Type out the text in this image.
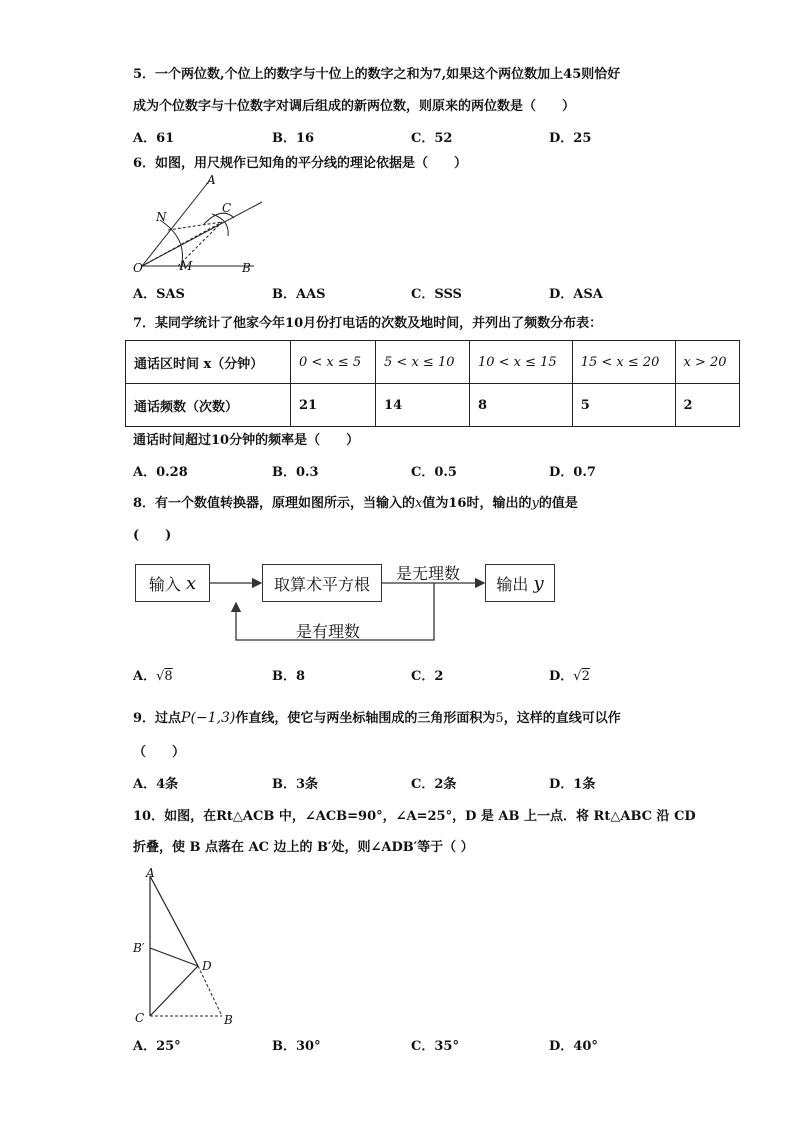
5．一个两位数,个位上的数字与十位上的数字之和为7,如果这个两位数加上45则恰好
成为个位数字与十位数字对调后组成的新两位数，则原来的两位数是（　　）
A．61	B．16	C．52	D．25
6．如图，用尺规作已知角的平分线的理论依据是（　　）
A
N
C
O	M	B
A．SAS	B．AAS	C．SSS	D．ASA
7．某同学统计了他家今年10月份打电话的次数及地时间，并列出了频数分布表：
通话区时间 x（分钟）	0 < x ≤ 5	5 < x ≤ 10	10 < x ≤ 15	15 < x ≤ 20	x > 20
通话频数（次数）	21	14	8	5	2
通话时间超过10分钟的频率是（　　）
A．0.28	B．0.3	C．0.5	D．0.7
8．有一个数值转换器，原理如图所示，当输入的x值为16时，输出的y的值是
(　　)
输入
x	取算术平方根	输出
y
是无理数
是有理数
A．√8	B．8	C．2	D．√2
9．过点P(−1,3)作直线，使它与两坐标轴围成的三角形面积为5，这样的直线可以作
（　　）
A．4条	B．3条	C．2条	D．1条
10．如图，在Rt△ACB 中，∠ACB=90°，∠A=25°，D 是 AB 上一点．将 Rt△ABC 沿 CD
折叠，使 B 点落在 AC 边上的 B′处，则∠ADB′等于（ ）
A
B′
D
C	B
A．25°	B．30°	C．35°	D．40°
